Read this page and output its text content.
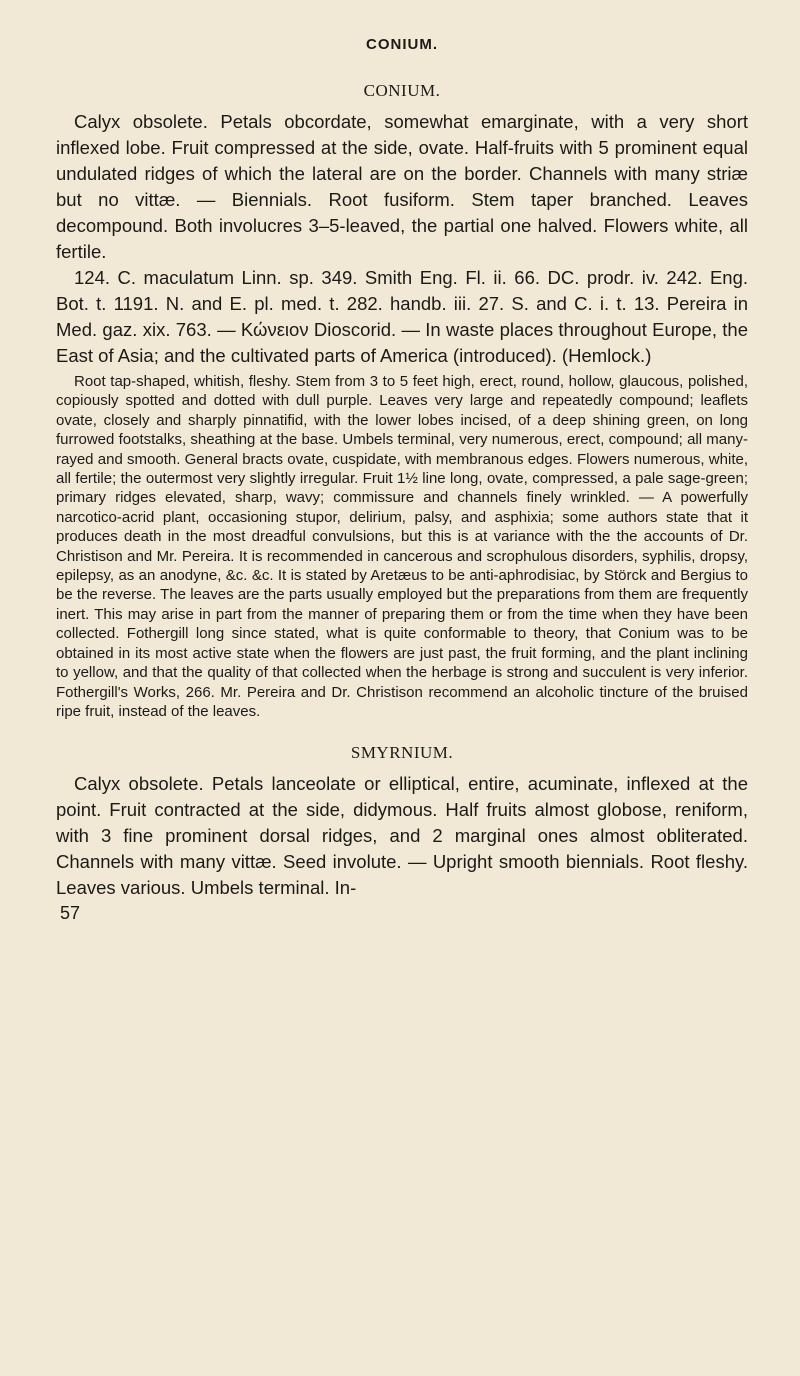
CONIUM.
CONIUM.

Calyx obsolete. Petals obcordate, somewhat emarginate, with a very short inflexed lobe. Fruit compressed at the side, ovate. Half-fruits with 5 prominent equal undulated ridges of which the lateral are on the border. Channels with many striæ but no vittæ. — Biennials. Root fusiform. Stem taper branched. Leaves decompound. Both involucres 3–5-leaved, the partial one halved. Flowers white, all fertile.

124. C. maculatum Linn. sp. 349. Smith Eng. Fl. ii. 66. DC. prodr. iv. 242. Eng. Bot. t. 1191. N. and E. pl. med. t. 282. handb. iii. 27. S. and C. i. t. 13. Pereira in Med. gaz. xix. 763. — Κώνειον Dioscorid. — In waste places throughout Europe, the East of Asia; and the cultivated parts of America (introduced). (Hemlock.)

Root tap-shaped, whitish, fleshy. Stem from 3 to 5 feet high, erect, round, hollow, glaucous, polished, copiously spotted and dotted with dull purple. Leaves very large and repeatedly compound; leaflets ovate, closely and sharply pinnatifid, with the lower lobes incised, of a deep shining green, on long furrowed footstalks, sheathing at the base. Umbels terminal, very numerous, erect, compound; all many-rayed and smooth. General bracts ovate, cuspidate, with membranous edges. Flowers numerous, white, all fertile; the outermost very slightly irregular. Fruit 1½ line long, ovate, compressed, a pale sage-green; primary ridges elevated, sharp, wavy; commissure and channels finely wrinkled. — A powerfully narcotico-acrid plant, occasioning stupor, delirium, palsy, and asphixia; some authors state that it produces death in the most dreadful convulsions, but this is at variance with the the accounts of Dr. Christison and Mr. Pereira. It is recommended in cancerous and scrophulous disorders, syphilis, dropsy, epilepsy, as an anodyne, &c. &c. It is stated by Aretæus to be anti-aphrodisiac, by Störck and Bergius to be the reverse. The leaves are the parts usually employed but the preparations from them are frequently inert. This may arise in part from the manner of preparing them or from the time when they have been collected. Fothergill long since stated, what is quite conformable to theory, that Conium was to be obtained in its most active state when the flowers are just past, the fruit forming, and the plant inclining to yellow, and that the quality of that collected when the herbage is strong and succulent is very inferior. Fothergill's Works, 266. Mr. Pereira and Dr. Christison recommend an alcoholic tincture of the bruised ripe fruit, instead of the leaves.

SMYRNIUM.

Calyx obsolete. Petals lanceolate or elliptical, entire, acuminate, inflexed at the point. Fruit contracted at the side, didymous. Half fruits almost globose, reniform, with 3 fine prominent dorsal ridges, and 2 marginal ones almost obliterated. Channels with many vittæ. Seed involute. — Upright smooth biennials. Root fleshy. Leaves various. Umbels terminal. In-

57
